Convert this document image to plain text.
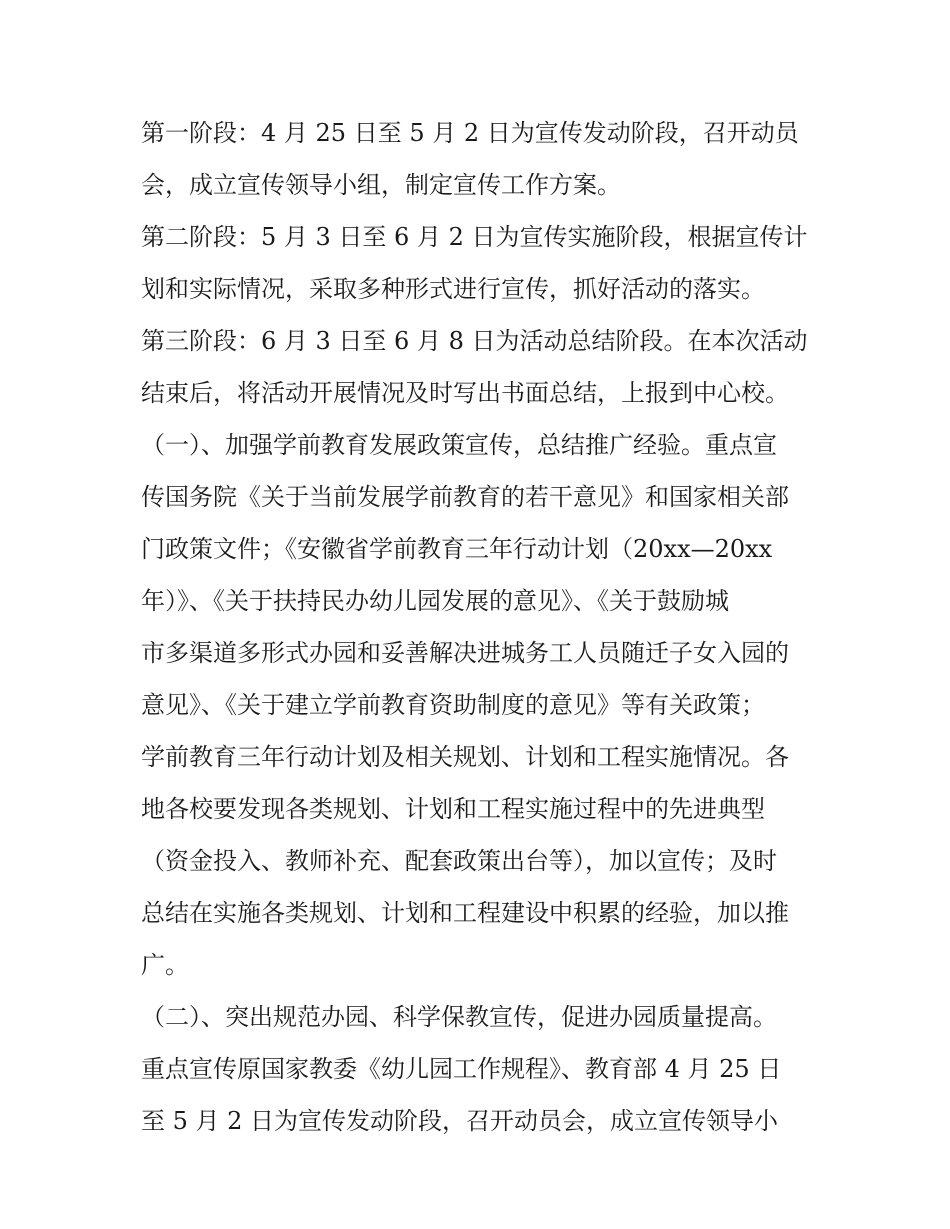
第一阶段：4 月 25 日至 5 月 2 日为宣传发动阶段，召开动员
会，成立宣传领导小组，制定宣传工作方案。
第二阶段：5 月 3 日至 6 月 2 日为宣传实施阶段，根据宣传计
划和实际情况，采取多种形式进行宣传，抓好活动的落实。
第三阶段：6 月 3 日至 6 月 8 日为活动总结阶段。在本次活动
结束后，将活动开展情况及时写出书面总结，上报到中心校。
（一）、加强学前教育发展政策宣传，总结推广经验。重点宣
传国务院《关于当前发展学前教育的若干意见》和国家相关部
门政策文件；《安徽省学前教育三年行动计划（20xx—20xx
年）》、《关于扶持民办幼儿园发展的意见》、《关于鼓励城
市多渠道多形式办园和妥善解决进城务工人员随迁子女入园的
意见》、《关于建立学前教育资助制度的意见》等有关政策；
学前教育三年行动计划及相关规划、计划和工程实施情况。各
地各校要发现各类规划、计划和工程实施过程中的先进典型
（资金投入、教师补充、配套政策出台等），加以宣传；及时
总结在实施各类规划、计划和工程建设中积累的经验，加以推
广。
（二）、突出规范办园、科学保教宣传，促进办园质量提高。
重点宣传原国家教委《幼儿园工作规程》、教育部 4 月 25 日
至 5 月 2 日为宣传发动阶段，召开动员会，成立宣传领导小
